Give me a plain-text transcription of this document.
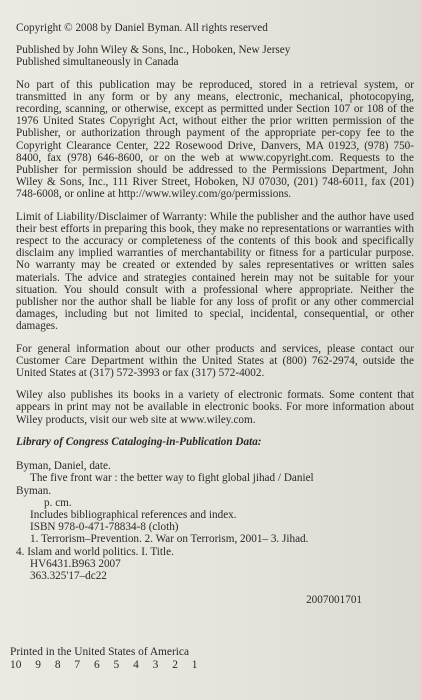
Copyright © 2008 by Daniel Byman. All rights reserved

Published by John Wiley & Sons, Inc., Hoboken, New Jersey

Published simultaneously in Canada

No part of this publication may be reproduced, stored in a retrieval system, or transmitted in any form or by any means, electronic, mechanical, photocopying, recording, scanning, or otherwise, except as permitted under Section 107 or 108 of the 1976 United States Copyright Act, without either the prior written permission of the Publisher, or authorization through payment of the appropriate per-copy fee to the Copyright Clearance Center, 222 Rosewood Drive, Danvers, MA 01923, (978) 750-8400, fax (978) 646-8600, or on the web at www.copyright.com. Requests to the Publisher for permission should be addressed to the Permissions Department, John Wiley & Sons, Inc., 111 River Street, Hoboken, NJ 07030, (201) 748-6011, fax (201) 748-6008, or online at http://www.wiley.com/go/permissions.

Limit of Liability/Disclaimer of Warranty: While the publisher and the author have used their best efforts in preparing this book, they make no representations or warranties with respect to the accuracy or completeness of the contents of this book and specifically disclaim any implied warranties of merchantability or fitness for a particular purpose. No warranty may be created or extended by sales representatives or written sales materials. The advice and strategies contained herein may not be suitable for your situation. You should consult with a professional where appropriate. Neither the publisher nor the author shall be liable for any loss of profit or any other commercial damages, including but not limited to special, incidental, consequential, or other damages.

For general information about our other products and services, please contact our Customer Care Department within the United States at (800) 762-2974, outside the United States at (317) 572-3993 or fax (317) 572-4002.

Wiley also publishes its books in a variety of electronic formats. Some content that appears in print may not be available in electronic books. For more information about Wiley products, visit our web site at www.wiley.com.

Library of Congress Cataloging-in-Publication Data:

Byman, Daniel, date.

The five front war : the better way to fight global jihad / Daniel

Byman.

p. cm.

Includes bibliographical references and index.

ISBN 978-0-471-78834-8 (cloth)

1. Terrorism–Prevention. 2. War on Terrorism, 2001– 3. Jihad.

4. Islam and world politics. I. Title.

HV6431.B963 2007

363.325'17–dc22

2007001701

Printed in the United States of America

10 9 8 7 6 5 4 3 2 1
